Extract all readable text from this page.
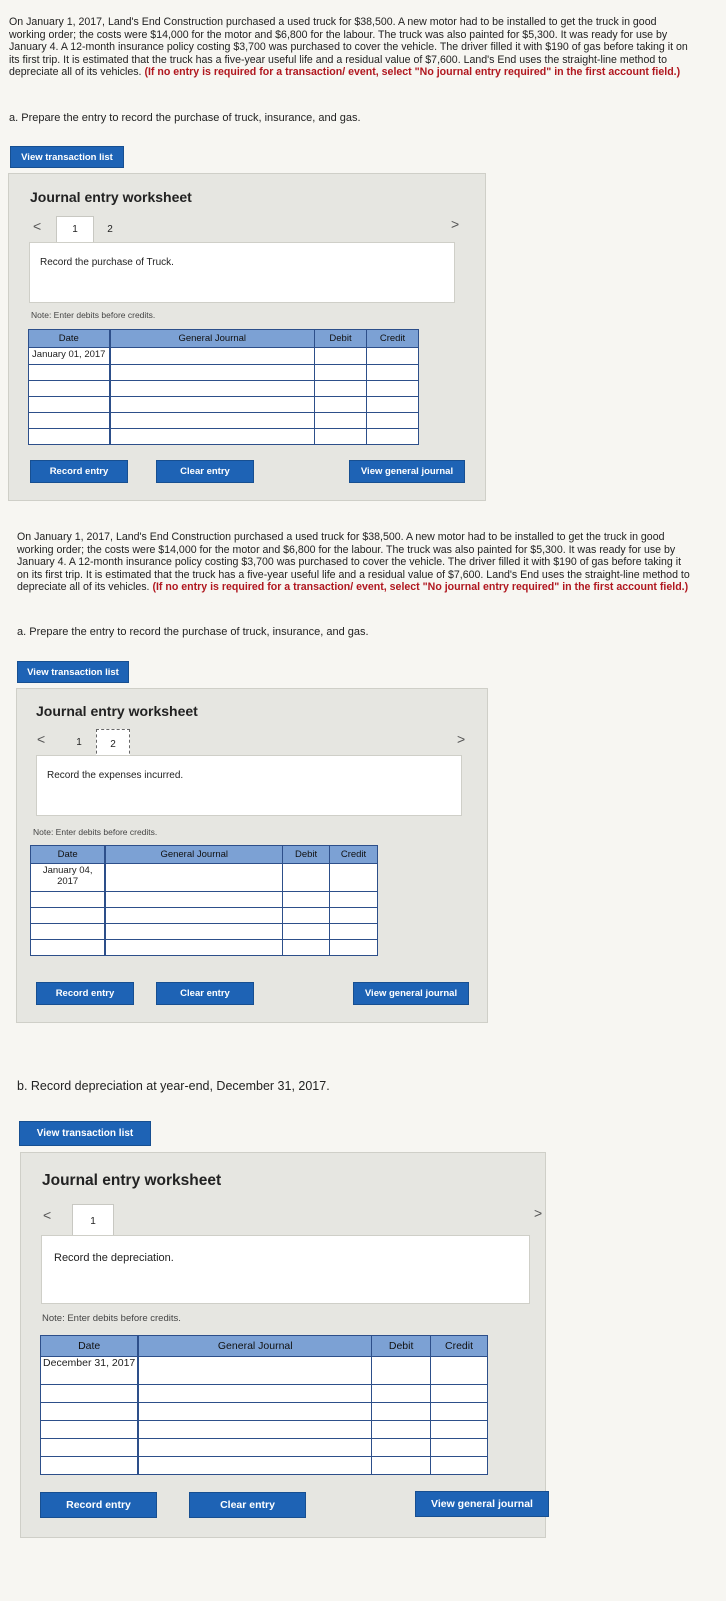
On January 1, 2017, Land's End Construction purchased a used truck for $38,500. A new motor had to be installed to get the truck in good working order; the costs were $14,000 for the motor and $6,800 for the labour. The truck was also painted for $5,300. It was ready for use by January 4. A 12-month insurance policy costing $3,700 was purchased to cover the vehicle. The driver filled it with $190 of gas before taking it on its first trip. It is estimated that the truck has a five-year useful life and a residual value of $7,600. Land's End uses the straight-line method to depreciate all of its vehicles. (If no entry is required for a transaction/ event, select "No journal entry required" in the first account field.)
a. Prepare the entry to record the purchase of truck, insurance, and gas.
View transaction list
Journal entry worksheet
<	1	2	>
Record the purchase of Truck.
Note: Enter debits before credits.
Date	General Journal	Debit	Credit
January 01, 2017			

Record entry	Clear entry	View general journal
On January 1, 2017, Land's End Construction purchased a used truck for $38,500. A new motor had to be installed to get the truck in good working order; the costs were $14,000 for the motor and $6,800 for the labour. The truck was also painted for $5,300. It was ready for use by January 4. A 12-month insurance policy costing $3,700 was purchased to cover the vehicle. The driver filled it with $190 of gas before taking it on its first trip. It is estimated that the truck has a five-year useful life and a residual value of $7,600. Land's End uses the straight-line method to depreciate all of its vehicles. (If no entry is required for a transaction/ event, select "No journal entry required" in the first account field.)
a. Prepare the entry to record the purchase of truck, insurance, and gas.
View transaction list
Journal entry worksheet
<	1	2	>
Record the expenses incurred.
Note: Enter debits before credits.
Date	General Journal	Debit	Credit
January 04, 2017			

Record entry	Clear entry	View general journal
b. Record depreciation at year-end, December 31, 2017.
View transaction list
Journal entry worksheet
<	1	>
Record the depreciation.
Note: Enter debits before credits.
Date	General Journal	Debit	Credit
December 31, 2017			

Record entry	Clear entry	View general journal
